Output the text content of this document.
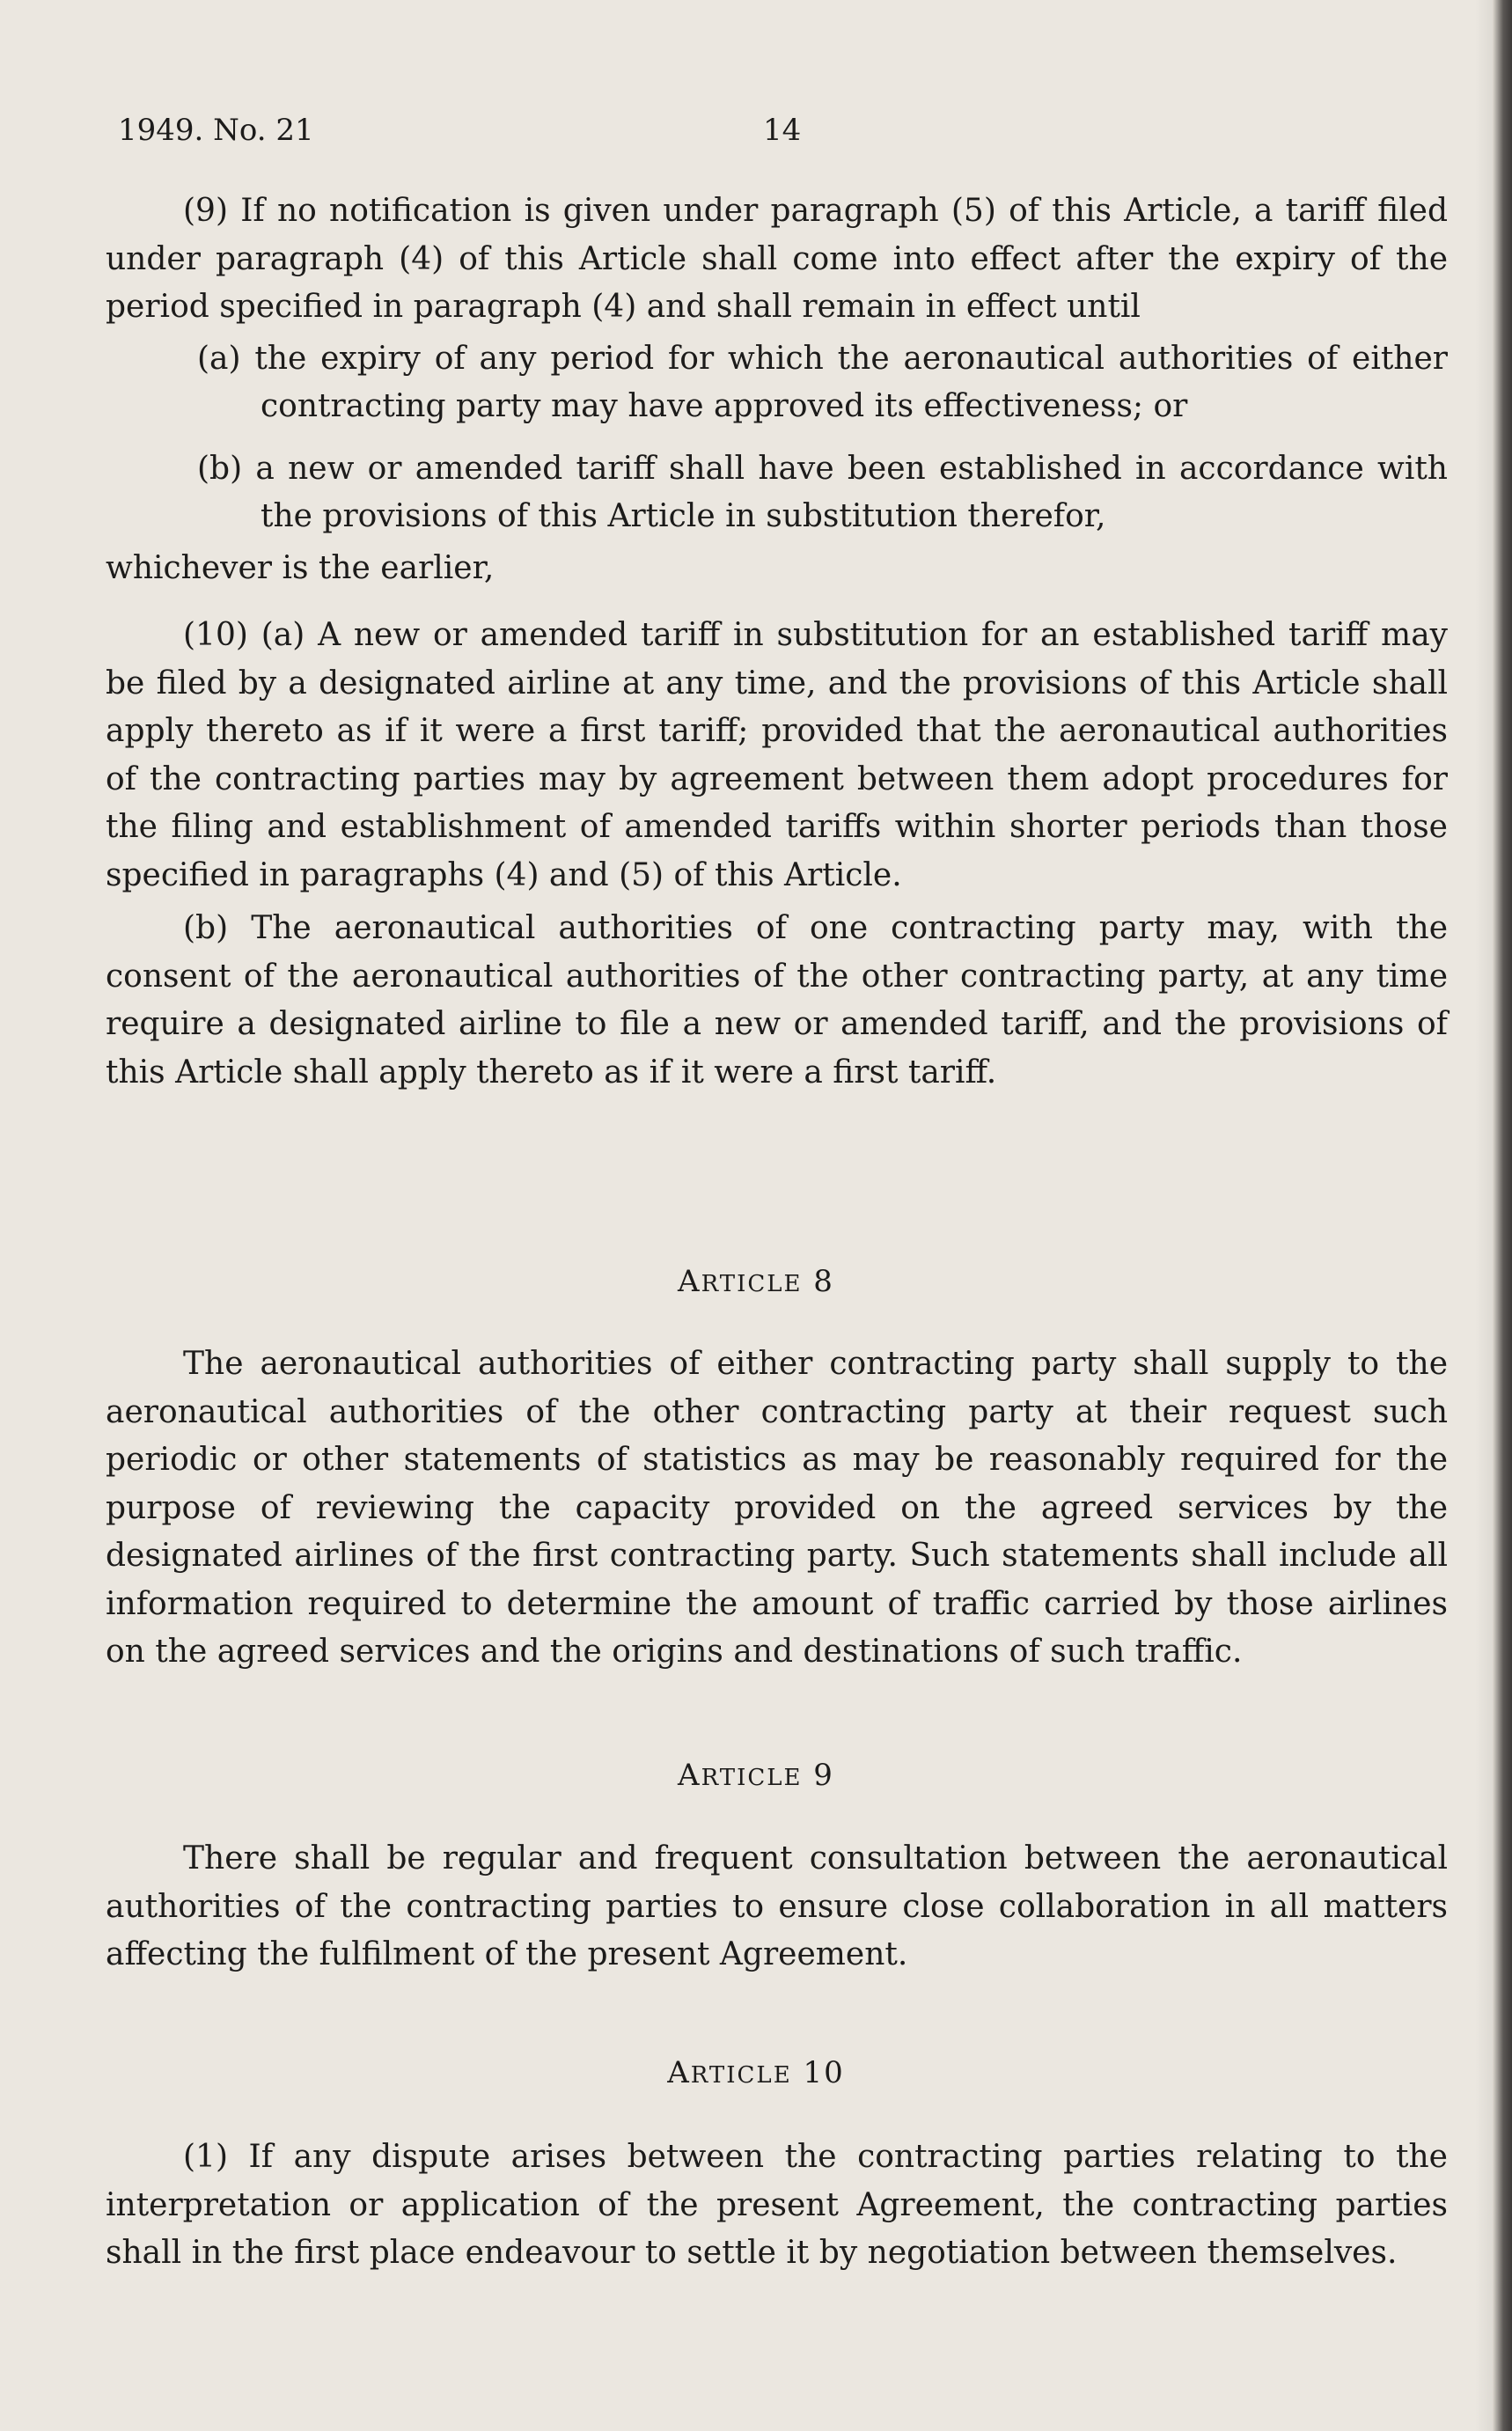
1949. No. 21	14

(9) If no notification is given under paragraph (5) of this Article, a tariff filed under paragraph (4) of this Article shall come into effect after the expiry of the period specified in paragraph (4) and shall remain in effect until

(a) the expiry of any period for which the aeronautical authorities of either contracting party may have approved its effectiveness; or

(b) a new or amended tariff shall have been established in accordance with the provisions of this Article in substitution therefor,

whichever is the earlier,

(10) (a) A new or amended tariff in substitution for an established tariff may be filed by a designated airline at any time, and the provisions of this Article shall apply thereto as if it were a first tariff; provided that the aeronautical authorities of the contracting parties may by agreement between them adopt procedures for the filing and establishment of amended tariffs within shorter periods than those specified in paragraphs (4) and (5) of this Article.

(b) The aeronautical authorities of one contracting party may, with the consent of the aeronautical authorities of the other contracting party, at any time require a designated airline to file a new or amended tariff, and the provisions of this Article shall apply thereto as if it were a first tariff.

ARTICLE 8

The aeronautical authorities of either contracting party shall supply to the aeronautical authorities of the other contracting party at their request such periodic or other statements of statistics as may be reasonably required for the purpose of reviewing the capacity provided on the agreed services by the designated airlines of the first contracting party. Such statements shall include all information required to determine the amount of traffic carried by those airlines on the agreed services and the origins and destinations of such traffic.

ARTICLE 9

There shall be regular and frequent consultation between the aeronautical authorities of the contracting parties to ensure close collaboration in all matters affecting the fulfilment of the present Agreement.

ARTICLE 10

(1) If any dispute arises between the contracting parties relating to the interpretation or application of the present Agreement, the contracting parties shall in the first place endeavour to settle it by negotiation between themselves.
